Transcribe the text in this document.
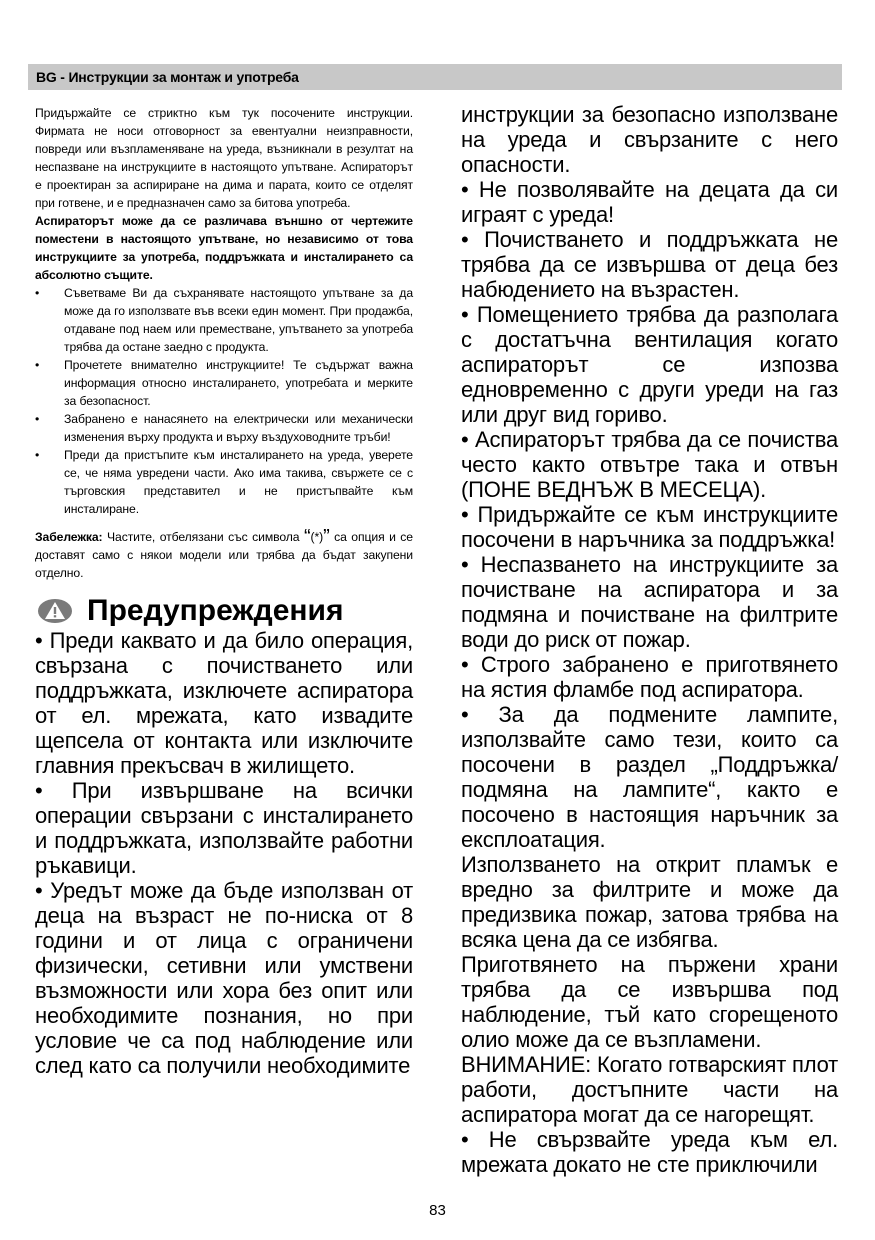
BG - Инструкции за монтаж и употреба

Придържайте се стриктно към тук посочените инструкции. Фирмата не носи отговорност за евентуални неизправности, повреди или възпламеняване на уреда, възникнали в резултат на неспазване на инструкциите в настоящото упътване. Аспираторът е проектиран за аспириране на дима и парата, които се отделят при готвене, и е предназначен само за битова употреба.

Аспираторът може да се различава външно от чертежите поместени в настоящото упътване, но независимо от това инструкциите за употреба, поддръжката и инсталирането са абсолютно същите.

• Съветваме Ви да съхранявате настоящото упътване за да може да го използвате във всеки един момент. При продажба, отдаване под наем или преместване, упътването за употреба трябва да остане заедно с продукта.
• Прочетете внимателно инструкциите! Те съдържат важна информация относно инсталирането, употребата и мерките за безопасност.
• Забранено е нанасянето на електрически или механически изменения върху продукта и върху въздуховодните тръби!
• Преди да пристъпите към инсталирането на уреда, уверете се, че няма увредени части. Ако има такива, свържете се с търговския представител и не пристъпвайте към инсталиране.

Забележка: Частите, отбелязани със символа “(*)” са опция и се доставят само с някои модели или трябва да бъдат закупени отделно.

Предупреждения

• Преди каквато и да било операция, свързана с почистването или поддръжката, изключете аспиратора от ел. мрежата, като извадите щепсела от контакта или изключите главния прекъсвач в жилището.

• При извършване на всички операции свързани с инсталирането и поддръжката, използвайте работни ръкавици.

• Уредът може да бъде използван от деца на възраст не по-ниска от 8 години и от лица с ограничени физически, сетивни или умствени възможности или хора без опит или необходимите познания, но при условие че са под наблюдение или след като са получили необходимите

инструкции за безопасно използване на уреда и свързаните с него опасности.

• Не позволявайте на децата да си играят с уреда!

• Почистването и поддръжката не трябва да се извършва от деца без набюдението на възрастен.

• Помещението трябва да разполага с достатъчна вентилация когато аспираторът се изпозва едновременно с други уреди на газ или друг вид гориво.

• Аспираторът трябва да се почиства често както отвътре така и отвън (ПОНЕ ВЕДНЪЖ В МЕСЕЦА).

• Придържайте се към инструкциите посочени в наръчника за поддръжка!

• Неспазването на инструкциите за почистване на аспиратора и за подмяна и почистване на филтрите води до риск от пожар.

• Строго забранено е приготвянето на ястия фламбе под аспиратора.

• За да подмените лампите, използвайте само тези, които са посочени в раздел „Поддръжка/подмяна на лампите“, както е посочено в настоящия наръчник за експлоатация.

Използването на открит пламък е вредно за филтрите и може да предизвика пожар, затова трябва на всяка цена да се избягва.

Приготвянето на пържени храни трябва да се извършва под наблюдение, тъй като сгорещеното олио може да се възпламени.

ВНИМАНИЕ: Когато готварският плот работи, достъпните части на аспиратора могат да се нагорещят.

• Не свързвайте уреда към ел. мрежата докато не сте приключили

83
